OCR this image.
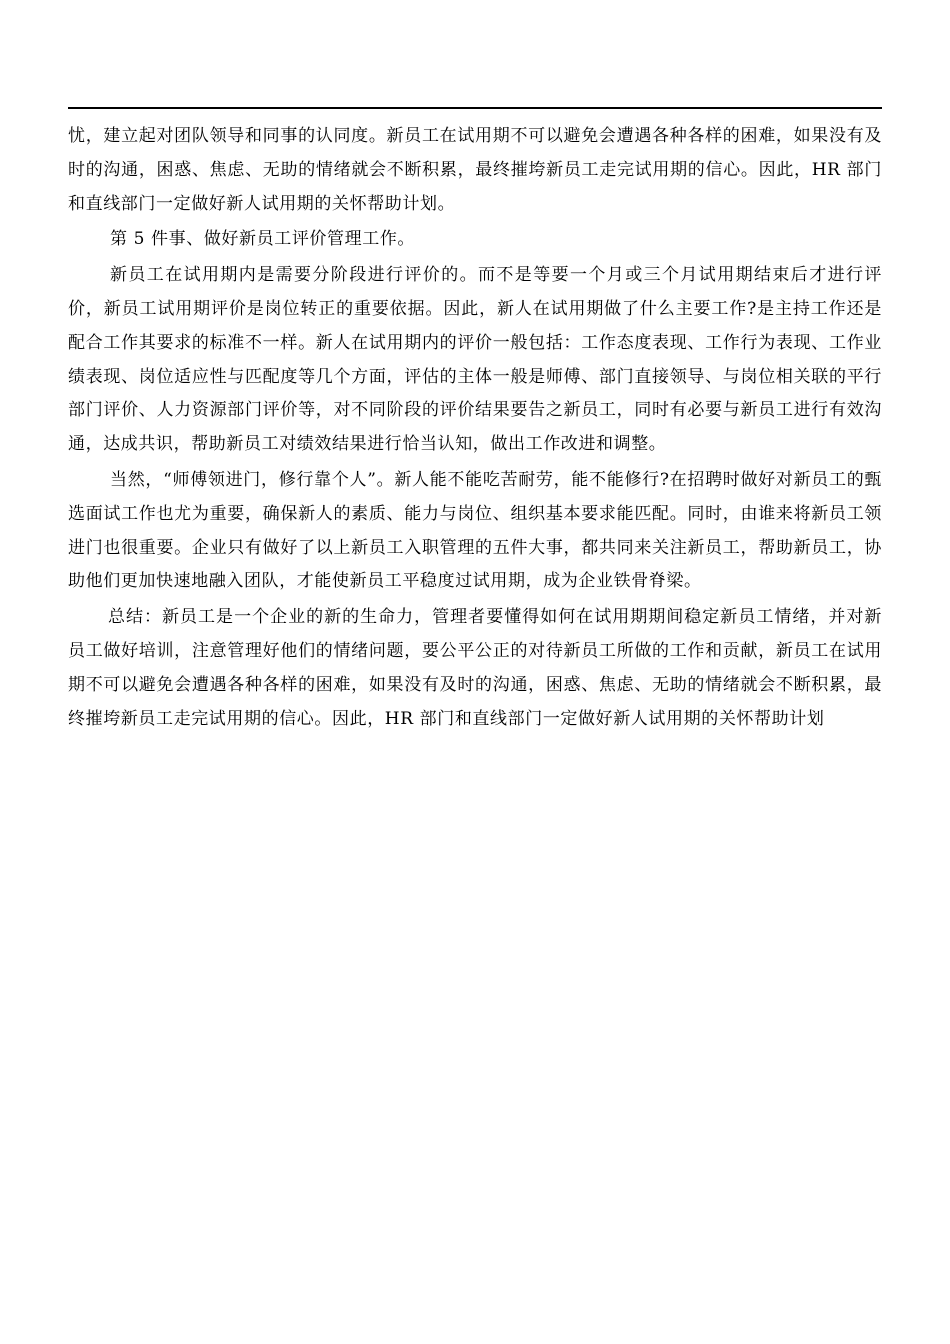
忧，建立起对团队领导和同事的认同度。新员工在试用期不可以避免会遭遇各种各样的困难，如果没有及时的沟通，困惑、焦虑、无助的情绪就会不断积累，最终摧垮新员工走完试用期的信心。因此，HR 部门和直线部门一定做好新人试用期的关怀帮助计划。

第 5 件事、做好新员工评价管理工作。

新员工在试用期内是需要分阶段进行评价的。而不是等要一个月或三个月试用期结束后才进行评价，新员工试用期评价是岗位转正的重要依据。因此，新人在试用期做了什么主要工作?是主持工作还是配合工作其要求的标准不一样。新人在试用期内的评价一般包括：工作态度表现、工作行为表现、工作业绩表现、岗位适应性与匹配度等几个方面，评估的主体一般是师傅、部门直接领导、与岗位相关联的平行部门评价、人力资源部门评价等，对不同阶段的评价结果要告之新员工，同时有必要与新员工进行有效沟通，达成共识，帮助新员工对绩效结果进行恰当认知，做出工作改进和调整。

当然，“师傅领进门，修行靠个人”。新人能不能吃苦耐劳，能不能修行?在招聘时做好对新员工的甄选面试工作也尤为重要，确保新人的素质、能力与岗位、组织基本要求能匹配。同时，由谁来将新员工领进门也很重要。企业只有做好了以上新员工入职管理的五件大事，都共同来关注新员工，帮助新员工，协助他们更加快速地融入团队，才能使新员工平稳度过试用期，成为企业铁骨脊梁。

总结：新员工是一个企业的新的生命力，管理者要懂得如何在试用期期间稳定新员工情绪，并对新员工做好培训，注意管理好他们的情绪问题，要公平公正的对待新员工所做的工作和贡献，新员工在试用期不可以避免会遭遇各种各样的困难，如果没有及时的沟通，困惑、焦虑、无助的情绪就会不断积累，最终摧垮新员工走完试用期的信心。因此，HR 部门和直线部门一定做好新人试用期的关怀帮助计划
